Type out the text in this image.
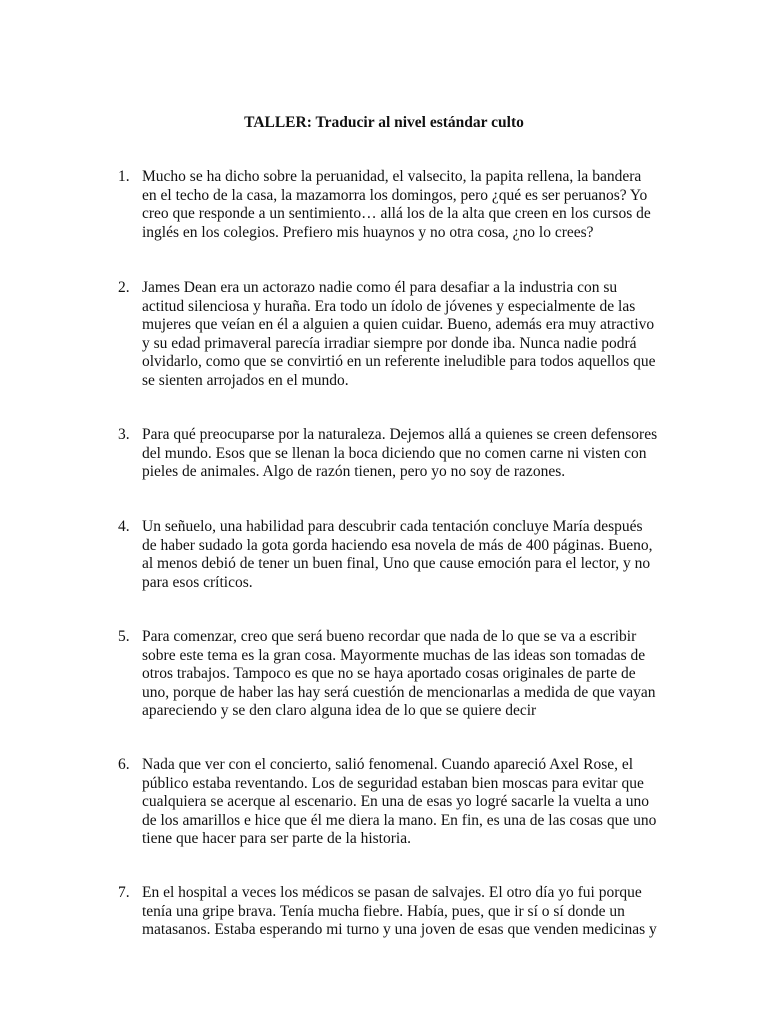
TALLER: Traducir al nivel estándar culto
1. Mucho se ha dicho sobre la peruanidad, el valsecito, la papita rellena, la bandera
en el techo de la casa, la mazamorra los domingos, pero ¿qué es ser peruanos? Yo
creo que responde a un sentimiento… allá los de la alta que creen en los cursos de
inglés en los colegios. Prefiero mis huaynos y no otra cosa, ¿no lo crees?
2. James Dean era un actorazo nadie como él para desafiar a la industria con su
actitud silenciosa y huraña. Era todo un ídolo de jóvenes y especialmente de las
mujeres que veían en él a alguien a quien cuidar. Bueno, además era muy atractivo
y su edad primaveral parecía irradiar siempre por donde iba. Nunca nadie podrá
olvidarlo, como que se convirtió en un referente ineludible para todos aquellos que
se sienten arrojados en el mundo.
3. Para qué preocuparse por la naturaleza. Dejemos allá a quienes se creen defensores
del mundo. Esos que se llenan la boca diciendo que no comen carne ni visten con
pieles de animales. Algo de razón tienen, pero yo no soy de razones.
4. Un señuelo, una habilidad para descubrir cada tentación concluye María después
de haber sudado la gota gorda haciendo esa novela de más de 400 páginas. Bueno,
al menos debió de tener un buen final, Uno que cause emoción para el lector, y no
para esos críticos.
5. Para comenzar, creo que será bueno recordar que nada de lo que se va a escribir
sobre este tema es la gran cosa. Mayormente muchas de las ideas son tomadas de
otros trabajos. Tampoco es que no se haya aportado cosas originales de parte de
uno, porque de haber las hay será cuestión de mencionarlas a medida de que vayan
apareciendo y se den claro alguna idea de lo que se quiere decir
6. Nada que ver con el concierto, salió fenomenal. Cuando apareció Axel Rose, el
público estaba reventando. Los de seguridad estaban bien moscas para evitar que
cualquiera se acerque al escenario. En una de esas yo logré sacarle la vuelta a uno
de los amarillos e hice que él me diera la mano. En fin, es una de las cosas que uno
tiene que hacer para ser parte de la historia.
7. En el hospital a veces los médicos se pasan de salvajes. El otro día yo fui porque
tenía una gripe brava. Tenía mucha fiebre. Había, pues, que ir sí o sí donde un
matasanos. Estaba esperando mi turno y una joven de esas que venden medicinas y
